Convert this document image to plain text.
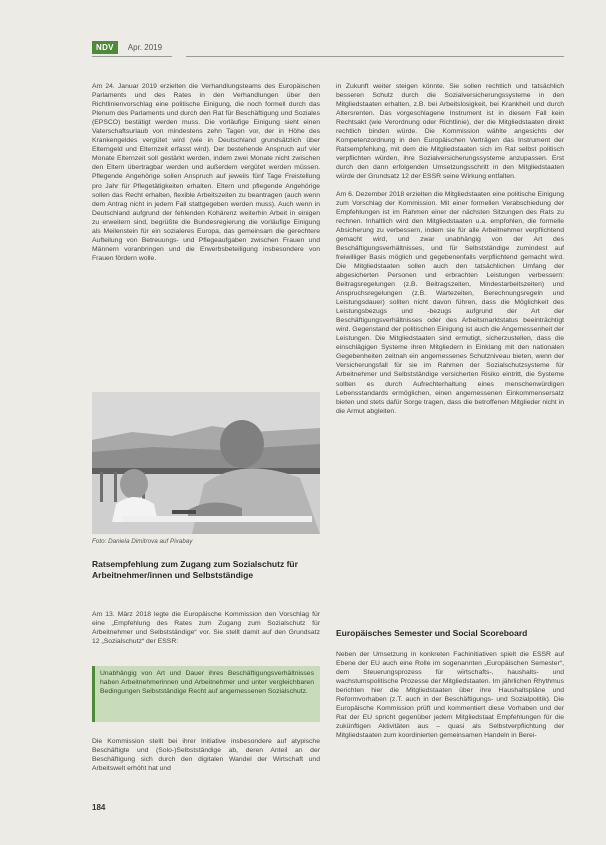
NDV	Apr. 2019

Am 24. Januar 2019 erzielten die Verhandlungsteams des Europäischen Parlaments und des Rates in den Verhandlungen über den Richtlinienvorschlag eine politische Einigung, die noch formell durch das Plenum des Parlaments und durch den Rat für Beschäftigung und Soziales (EPSCO) bestätigt werden muss. Die vorläufige Einigung sieht einen Vaterschaftsurlaub von mindestens zehn Tagen vor, der in Höhe des Krankengeldes vergütet wird (wie in Deutschland grundsätzlich über Elterngeld und Elternzeit erfasst wird). Der bestehende Anspruch auf vier Monate Elternzeit soll gestärkt werden, indem zwei Monate nicht zwischen den Eltern übertragbar werden und außerdem vergütet werden müssen. Pflegende Angehörige sollen Anspruch auf jeweils fünf Tage Freistellung pro Jahr für Pflegetätigkeiten erhalten. Eltern und pflegende Angehörige sollen das Recht erhalten, flexible Arbeitszeiten zu beantragen (auch wenn dem Antrag nicht in jedem Fall stattgegeben werden muss). Auch wenn in Deutschland aufgrund der fehlenden Kohärenz weiterhin Arbeit in einigen zu erweitern sind, begrüßte die Bundesregierung die vorläufige Einigung als Meilenstein für ein sozialeres Europa, das gemeinsam die gerechtere Aufteilung von Betreuungs- und Pflegeaufgaben zwischen Frauen und Männern voranbringen und die Erwerbsbeteiligung insbesondere von Frauen fördern wolle.

Foto: Daniela Dimitrova auf Pixabay

Ratsempfehlung zum Zugang zum Sozialschutz für Arbeitnehmer/innen und Selbstständige

Am 13. März 2018 legte die Europäische Kommission den Vorschlag für eine „Empfehlung des Rates zum Zugang zum Sozialschutz für Arbeitnehmer und Selbstständige“ vor. Sie stellt damit auf den Grundsatz 12 „Sozialschutz“ der ESSR:

Unabhängig von Art und Dauer ihres Beschäftigungsverhältnisses haben Arbeitnehmerinnen und Arbeitnehmer und unter vergleichbaren Bedingungen Selbstständige Recht auf angemessenen Sozialschutz.

Die Kommission stellt bei ihrer Initiative insbesondere auf atypische Beschäftigte und (Solo-)Selbstständige ab, deren Anteil an der Beschäftigung sich durch den digitalen Wandel der Wirtschaft und Arbeitswelt erhöht hat und

in Zukunft weiter steigen könnte. Sie sollen rechtlich und tatsächlich besseren Schutz durch die Sozialversicherungssysteme in den Mitgliedstaaten erhalten, z.B. bei Arbeitslosigkeit, bei Krankheit und durch Altersrenten. Das vorgeschlagene Instrument ist in diesem Fall kein Rechtsakt (wie Verordnung oder Richtlinie), der die Mitgliedstaaten direkt rechtlich binden würde. Die Kommission wählte angesichts der Kompetenzordnung in den Europäischen Verträgen das Instrument der Ratsempfehlung, mit dem die Mitgliedstaaten sich im Rat selbst politisch verpflichten würden, ihre Sozialversicherungssysteme anzupassen. Erst durch den dann erfolgenden Umsetzungsschritt in den Mitgliedstaaten würde der Grundsatz 12 der ESSR seine Wirkung entfalten.

Am 6. Dezember 2018 erzielten die Mitgliedstaaten eine politische Einigung zum Vorschlag der Kommission. Mit einer formellen Verabschiedung der Empfehlungen ist im Rahmen einer der nächsten Sitzungen des Rats zu rechnen. Inhaltlich wird den Mitgliedstaaten u.a. empfohlen, die formelle Absicherung zu verbessern, indem sie für alle Arbeitnehmer verpflichtend gemacht wird, und zwar unabhängig von der Art des Beschäftigungsverhältnisses, und für Selbstständige zumindest auf freiwilliger Basis möglich und gegebenenfalls verpflichtend gemacht wird. Die Mitgliedstaaten sollen auch den tatsächlichen Umfang der abgesicherten Personen und erbrachten Leistungen verbessern: Beitragsregelungen (z.B. Beitragszeiten, Mindestarbeitszeiten) und Anspruchsregelungen (z.B. Wartezeiten, Berechnungsregeln und Leistungsdauer) sollten nicht davon führen, dass die Möglichkeit des Leistungsbezugs und -bezugs aufgrund der Art der Beschäftigungsverhältnisses oder des Arbeitsmarktstatus beeinträchtigt wird. Gegenstand der politischen Einigung ist auch die Angemessenheit der Leistungen. Die Mitgliedstaaten sind ermutigt, sicherzustellen, dass die einschlägigen Systeme ihren Mitgliedern in Einklang mit den nationalen Gegebenheiten zeitnah ein angemessenes Schutzniveau bieten, wenn der Versicherungsfall für sie im Rahmen der Sozialschutzsysteme für Arbeitnehmer und Selbstständige versicherten Risiko eintritt, die Systeme sollten es durch Aufrechterhaltung eines menschenwürdigen Lebensstandards ermöglichen, einen angemessenen Einkommensersatz bieten und stets dafür Sorge tragen, dass die betroffenen Mitglieder nicht in die Armut abgleiten.

Europäisches Semester und Social Scoreboard

Neben der Umsetzung in konkreten Fachinitiativen spielt die ESSR auf Ebene der EU auch eine Rolle im sogenannten „Europäischen Semester“, dem Steuerungsprozess für wirtschafts-, haushalts- und wachstumspolitische Prozesse der Mitgliedstaaten. Im jährlichen Rhythmus berichten hier die Mitgliedstaaten über ihre Haushaltspläne und Reformvorhaben (z.T. auch in der Beschäftigungs- und Sozialpolitik). Die Europäische Kommission prüft und kommentiert diese Vorhaben und der Rat der EU spricht gegenüber jedem Mitgliedstaat Empfehlungen für die zukünftigen Aktivitäten aus – quasi als Selbstverpflichtung der Mitgliedstaaten zum koordinierten gemeinsamen Handeln in Berei-

184
